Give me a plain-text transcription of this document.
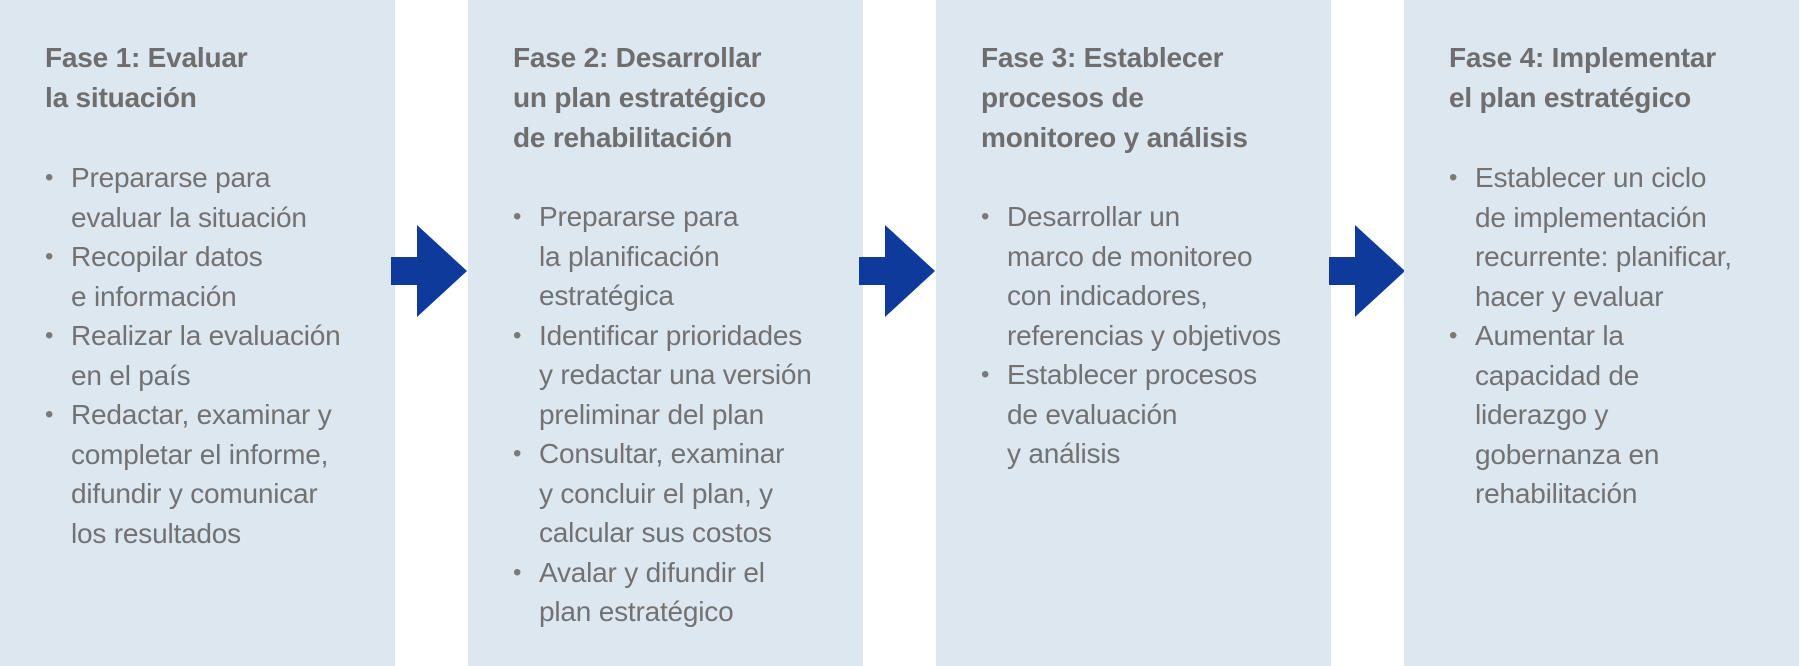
Fase 1: Evaluar
la situación
• Prepararse para
evaluar la situación
• Recopilar datos
e información
• Realizar la evaluación
en el país
• Redactar, examinar y
completar el informe,
difundir y comunicar
los resultados
Fase 2: Desarrollar
un plan estratégico
de rehabilitación
• Prepararse para
la planificación
estratégica
• Identificar prioridades
y redactar una versión
preliminar del plan
• Consultar, examinar
y concluir el plan, y
calcular sus costos
• Avalar y difundir el
plan estratégico
Fase 3: Establecer
procesos de
monitoreo y análisis
• Desarrollar un
marco de monitoreo
con indicadores,
referencias y objetivos
• Establecer procesos
de evaluación
y análisis
Fase 4: Implementar
el plan estratégico
• Establecer un ciclo
de implementación
recurrente: planificar,
hacer y evaluar
• Aumentar la
capacidad de
liderazgo y
gobernanza en
rehabilitación
